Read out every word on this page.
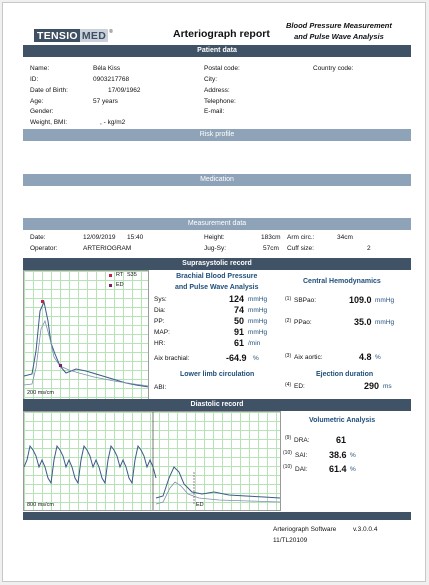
TENSIO MED ®	Arteriograph report
Blood Pressure Measurement
and Pulse Wave Analysis
Patient data
Name:	Béla Kiss
ID:	0903217768
Date of Birth:	17/09/1962
Age:	57 years
Gender:
Weight, BMI:	, - kg/m2
Postal code:
City:
Address:
Telephone:
E-mail:
Country code:
Risk profile
Medication
Measurement data
Date:	12/09/2019 15:40
Operator:	ARTERIOGRAM
Height:	183cm
Jug-Sy:	57cm
Arm circ.:	34cm
Cuff size:	2
Suprasystolic record
RT S35
ED
200 ms/cm
Brachial Blood Pressure
and Pulse Wave Analysis
Sys:	124 mmHg
Dia:	74 mmHg
PP:	50 mmHg
MAP:	91 mmHg
HR:	61 /min
Aix brachial:	-64.9 %
Lower limb circulation
ABI:
Central Hemodynamics
(1) SBPao:	109.0 mmHg
(2) PPao:	35.0 mmHg
(3) Aix aortic:	4.8 %
Ejection duration
(4) ED:	290 ms
Diastolic record
800 ms/cm	ED
Volumetric Analysis
(9) DRA:	61
(10) SAI: 38.6 %
(10) DAI: 61.4 %
Arteriograph Software	v.3.0.0.4
11/TL20109
